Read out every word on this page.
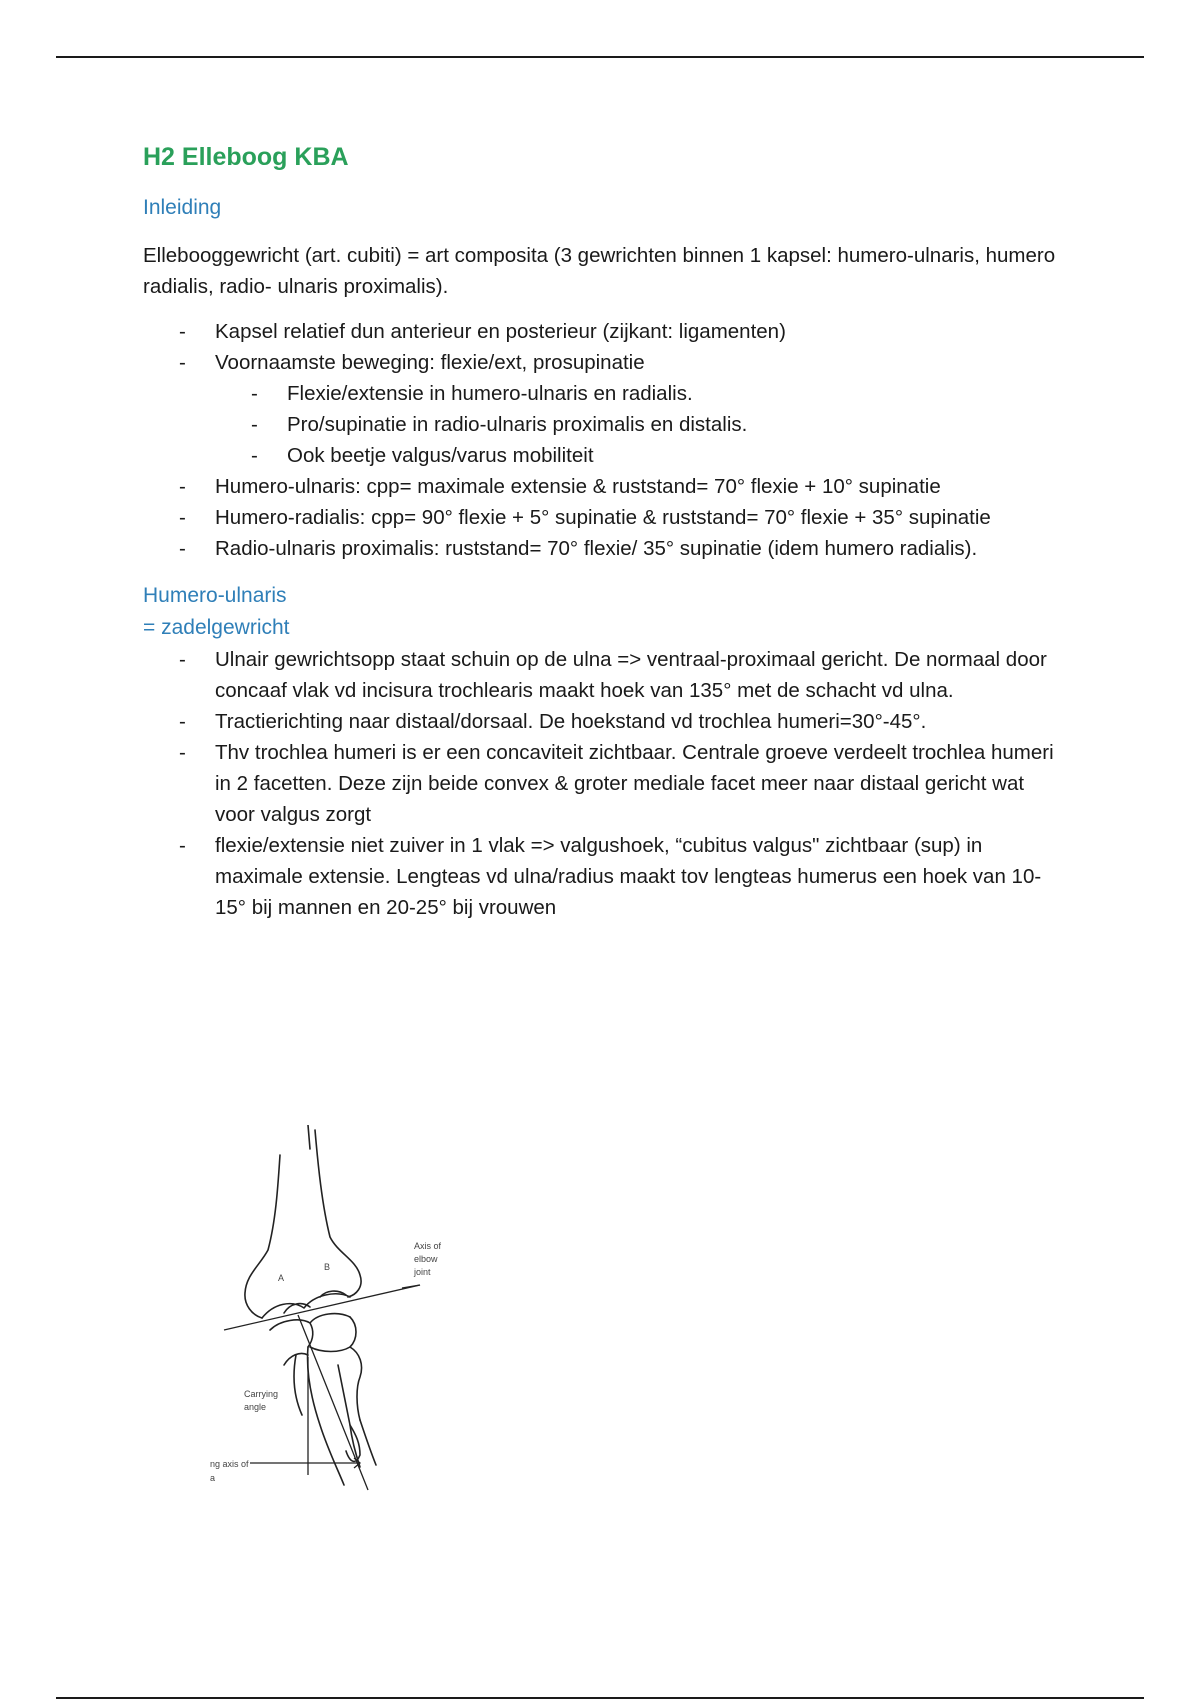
H2 Elleboog KBA
Inleiding

Ellebooggewricht (art. cubiti) = art composita (3 gewrichten binnen 1 kapsel: humero-ulnaris, humero radialis, radio- ulnaris proximalis).

- Kapsel relatief dun anterieur en posterieur (zijkant: ligamenten)
- Voornaamste beweging: flexie/ext, prosupinatie
- Flexie/extensie in humero-ulnaris en radialis.
- Pro/supinatie in radio-ulnaris proximalis en distalis.
- Ook beetje valgus/varus mobiliteit
- Humero-ulnaris: cpp= maximale extensie & ruststand= 70° flexie + 10° supinatie
- Humero-radialis: cpp= 90° flexie + 5° supinatie & ruststand= 70° flexie + 35° supinatie
- Radio-ulnaris proximalis: ruststand= 70° flexie/ 35° supinatie (idem humero radialis).
Humero-ulnaris
= zadelgewricht
- Ulnair gewrichtsopp staat schuin op de ulna => ventraal-proximaal gericht. De normaal door concaaf vlak vd incisura trochlearis maakt hoek van 135° met de schacht vd ulna.
- Tractierichting naar distaal/dorsaal. De hoekstand vd trochlea humeri=30°-45°.
- Thv trochlea humeri is er een concaviteit zichtbaar. Centrale groeve verdeelt trochlea humeri in 2 facetten. Deze zijn beide convex & groter mediale facet meer naar distaal gericht wat voor valgus zorgt
- flexie/extensie niet zuiver in 1 vlak => valgushoek, “cubitus valgus" zichtbaar (sup) in maximale extensie. Lengteas vd ulna/radius maakt tov lengteas humerus een hoek van 10-15° bij mannen en 20-25° bij vrouwen
Axis of
elbow
joint
A
B
Carrying
angle
ng axis of
a
